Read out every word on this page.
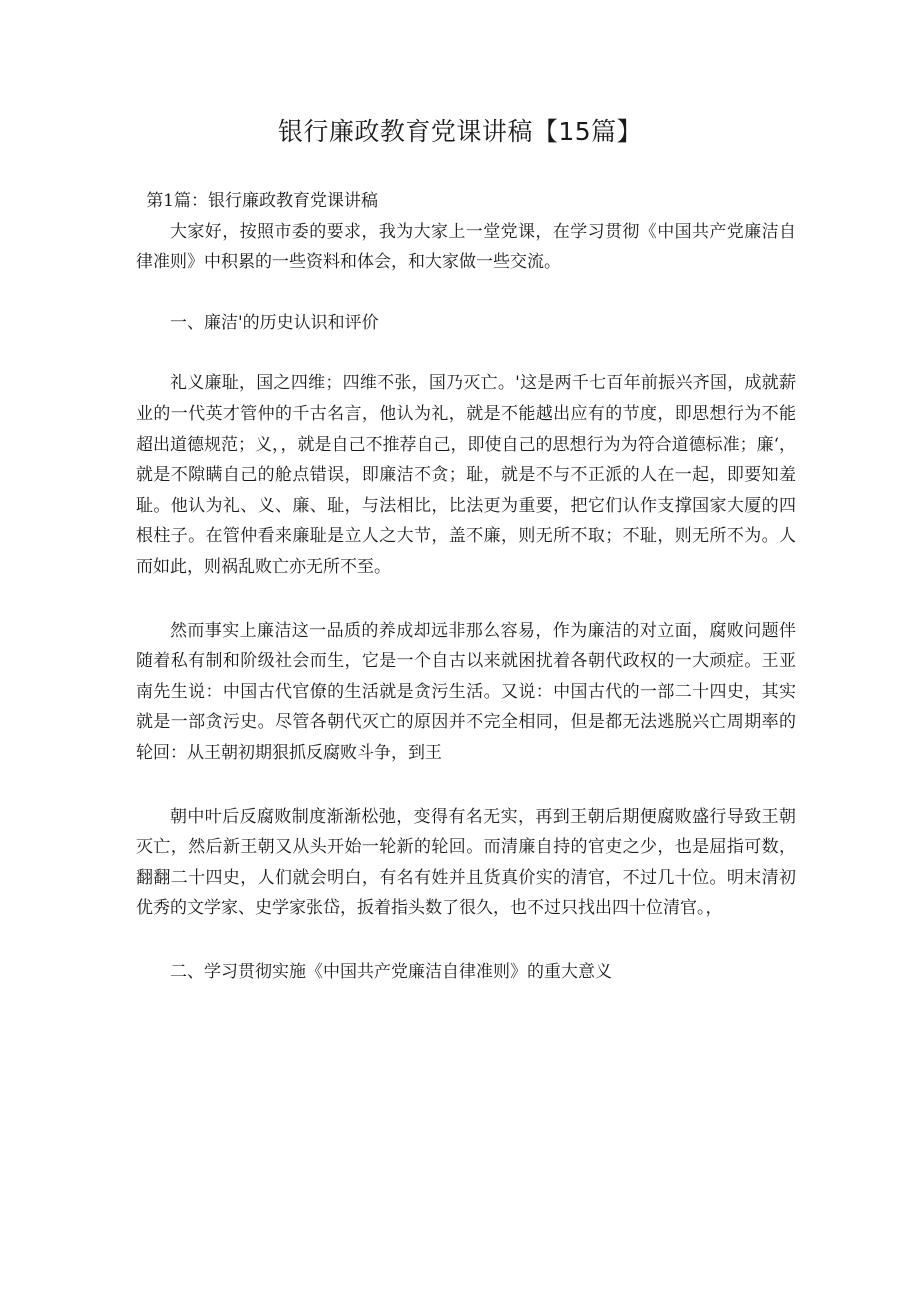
银行廉政教育党课讲稿【15篇】

第1篇：银行廉政教育党课讲稿

大家好，按照市委的要求，我为大家上一堂党课，在学习贯彻《中国共产党廉洁自律准则》中积累的一些资料和体会，和大家做一些交流。

一、廉洁'的历史认识和评价

礼义廉耻，国之四维；四维不张，国乃灭亡。'这是两千七百年前振兴齐国，成就薪业的一代英才管仲的千古名言，他认为礼，就是不能越出应有的节度，即思想行为不能超出道德规范；义，，就是自己不推荐自己，即使自己的思想行为为符合道德标准；廉‘，就是不隙瞒自己的舱点错误，即廉洁不贪；耻，就是不与不正派的人在一起，即要知羞耻。他认为礼、义、廉、耻，与法相比，比法更为重要，把它们认作支撑国家大厦的四根柱子。在管仲看来廉耻是立人之大节，盖不廉，则无所不取；不耻，则无所不为。人而如此，则祸乱败亡亦无所不至。

然而事实上廉洁这一品质的养成却远非那么容易，作为廉洁的对立面，腐败问题伴随着私有制和阶级社会而生，它是一个自古以来就困扰着各朝代政权的一大顽症。王亚南先生说：中国古代官僚的生活就是贪污生活。又说：中国古代的一部二十四史，其实就是一部贪污史。尽管各朝代灭亡的原因并不完全相同，但是都无法逃脱兴亡周期率的轮回：从王朝初期狠抓反腐败斗争，到王

朝中叶后反腐败制度渐渐松弛，变得有名无实，再到王朝后期便腐败盛行导致王朝灭亡，然后新王朝又从头开始一轮新的轮回。而清廉自持的官吏之少，也是屈指可数，翻翻二十四史，人们就会明白，有名有姓并且货真价实的清官，不过几十位。明末清初优秀的文学家、史学家张岱，扳着指头数了很久，也不过只找出四十位清官。，

二、学习贯彻实施《中国共产党廉洁自律准则》的重大意义
